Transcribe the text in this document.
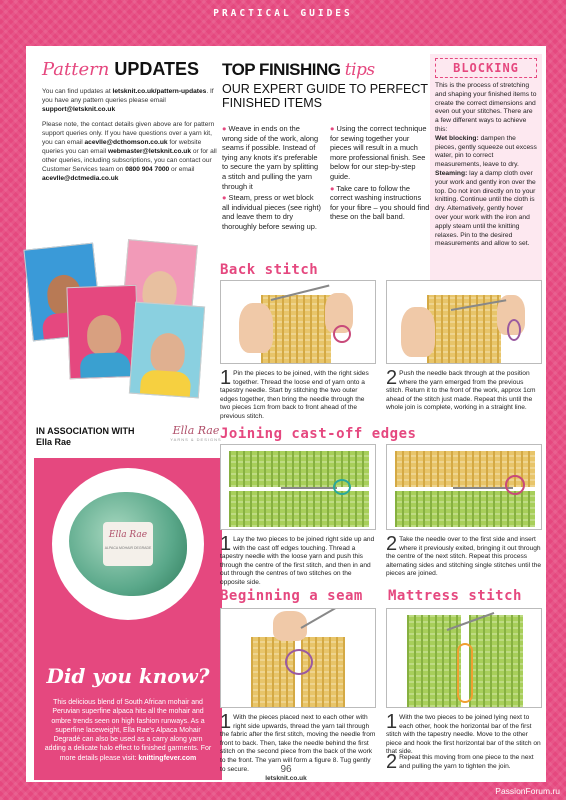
PRACTICAL GUIDES
Pattern UPDATES

You can find updates at letsknit.co.uk/pattern-updates. If you have any pattern queries please email support@letsknit.co.uk

Please note, the contact details given above are for pattern support queries only. If you have questions over a yarn kit, you can email acevlle@dcthomson.co.uk for website queries you can email webmaster@letsknit.co.uk or for all other queries, including subscriptions, you can contact our Customer Services team on 0800 904 7000 or email acevlle@dctmedia.co.uk

IN ASSOCIATION WITH
Ella Rae
Ella Rae
YARNS & DESIGNS
Ella Rae
ALPACA MOHAIR DEGRADE
Did you know?
This delicious blend of South African mohair and Peruvian superfine alpaca hits all the mohair and ombre trends seen on high fashion runways. As a superfine laceweight, Ella Rae's Alpaca Mohair Degradé can also be used as a carry along yarn adding a delicate halo effect to finished garments. For more details please visit: knittingfever.com
TOP FINISHING tips
OUR EXPERT GUIDE TO PERFECT FINISHED ITEMS

● Weave in ends on the wrong side of the work, along seams if possible. Instead of tying any knots it's preferable to secure the yarn by splitting a stitch and pulling the yarn through it

● Steam, press or wet block all individual pieces (see right) and leave them to dry thoroughly before sewing up.

● Using the correct technique for sewing together your pieces will result in a much more professional finish. See below for our step-by-step guide.

● Take care to follow the correct washing instructions for your fibre – you should find these on the ball band.

BLOCKING

This is the process of stretching and shaping your finished items to create the correct dimensions and even out your stitches. There are a few different ways to achieve this:

Wet blocking: dampen the pieces, gently squeeze out excess water, pin to correct measurements, leave to dry.

Steaming: lay a damp cloth over your work and gently iron over the top. Do not iron directly on to your knitting. Continue until the cloth is dry. Alternatively, gently hover over your work with the iron and apply steam until the knitting relaxes. Pin to the desired measurements and allow to set.

Back stitch
1 Pin the pieces to be joined, with the right sides together. Thread the loose end of yarn onto a tapestry needle. Start by stitching the two outer edges together, then bring the needle through the two pieces 1cm from back to front ahead of the previous stitch.
2 Push the needle back through at the position where the yarn emerged from the previous stitch. Return it to the front of the work, approx 1cm ahead of the stitch just made. Repeat this until the whole join is complete, working in a straight line.
Joining cast-off edges
1 Lay the two pieces to be joined right side up and with the cast off edges touching. Thread a tapestry needle with the loose yarn and push this through the centre of the first stitch, and then in and out through the centres of two stitches on the opposite side.
2 Take the needle over to the first side and insert where it previously exited, bringing it out through the centre of the next stitch. Repeat this process alternating sides and stitching single stitches until the pieces are joined.
Beginning a seam
1 With the pieces placed next to each other with right side upwards, thread the yarn tail through the fabric after the first stitch, moving the needle from front to back. Then, take the needle behind the first stitch on the second piece from the back of the work to the front. The yarn will form a figure 8. Tug gently to secure.
Mattress stitch
1 With the two pieces to be joined lying next to each other, hook the horizontal bar of the first stitch with the tapestry needle. Move to the other piece and hook the first horizontal bar of the stitch on that side.
2 Repeat this moving from one piece to the next and pulling the yarn to tighten the join.
96
letsknit.co.uk
PassionForum.ru
